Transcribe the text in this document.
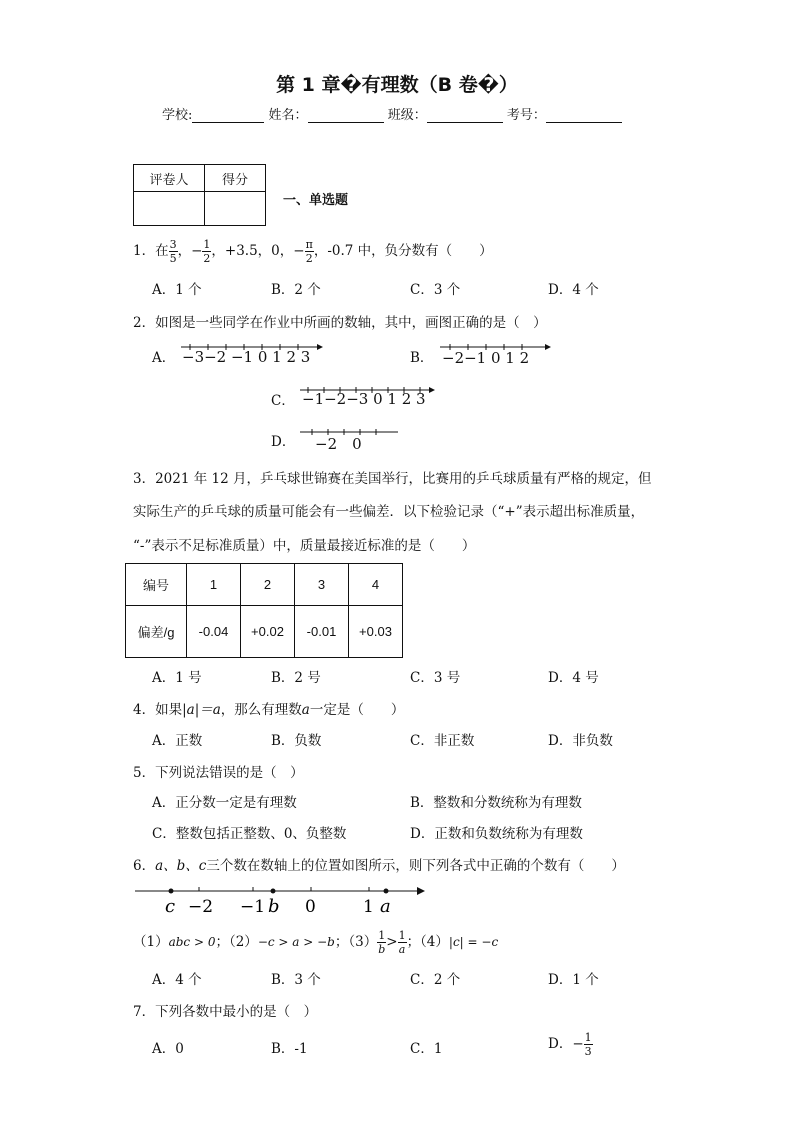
第 1 章�有理数（B 卷�）
学校:	姓名：	班级：	考号：
评卷人	得分

一、单选题
1．在 $\frac{3}{5}$ ，− $\frac{1}{2}$ ，+3.5，0，− $\frac{\pi}{2}$ ，-0.7 中，负分数有（　　）
A．1 个	B．2 个	C．3 个	D．4 个
2．如图是一些同学在作业中所画的数轴，其中，画图正确的是（　）
A．	B．
C．
D．
−3−2 −1 0 1 2 3	−2−1 0 1 2
−1−2−3 0 1 2 3
−2　0
3．2021 年 12 月，乒乓球世锦赛在美国举行，比赛用的乒乓球质量有严格的规定，但
实际生产的乒乓球的质量可能会有一些偏差．以下检验记录（“+”表示超出标准质量，
“-”表示不足标准质量）中，质量最接近标准的是（　　）
编号	1	2	3	4
偏差/g	-0.04	+0.02	-0.01	+0.03
A．1 号	B．2 号	C．3 号	D．4 号
4．如果|a|＝a，那么有理数a一定是（　　）
A．正数	B．负数	C．非正数	D．非负数
5．下列说法错误的是（　）
A．正分数一定是有理数	B．整数和分数统称为有理数
C．整数包括正整数、0、负整数	D．正数和负数统称为有理数
6．a、b、c三个数在数轴上的位置如图所示，则下列各式中正确的个数有（　　）
c −2 −1 b 0	1 a
（1）abc > 0；（2）−c > a > −b；$(3) \frac{1}{b} > \frac{1}{a}$ ；（4）|c| = −c
A．4 个	B．3 个	C．2 个	D．1 个
7．下列各数中最小的是（　）
A．0	B．-1	C．1	D．− $\frac{1}{3}$
